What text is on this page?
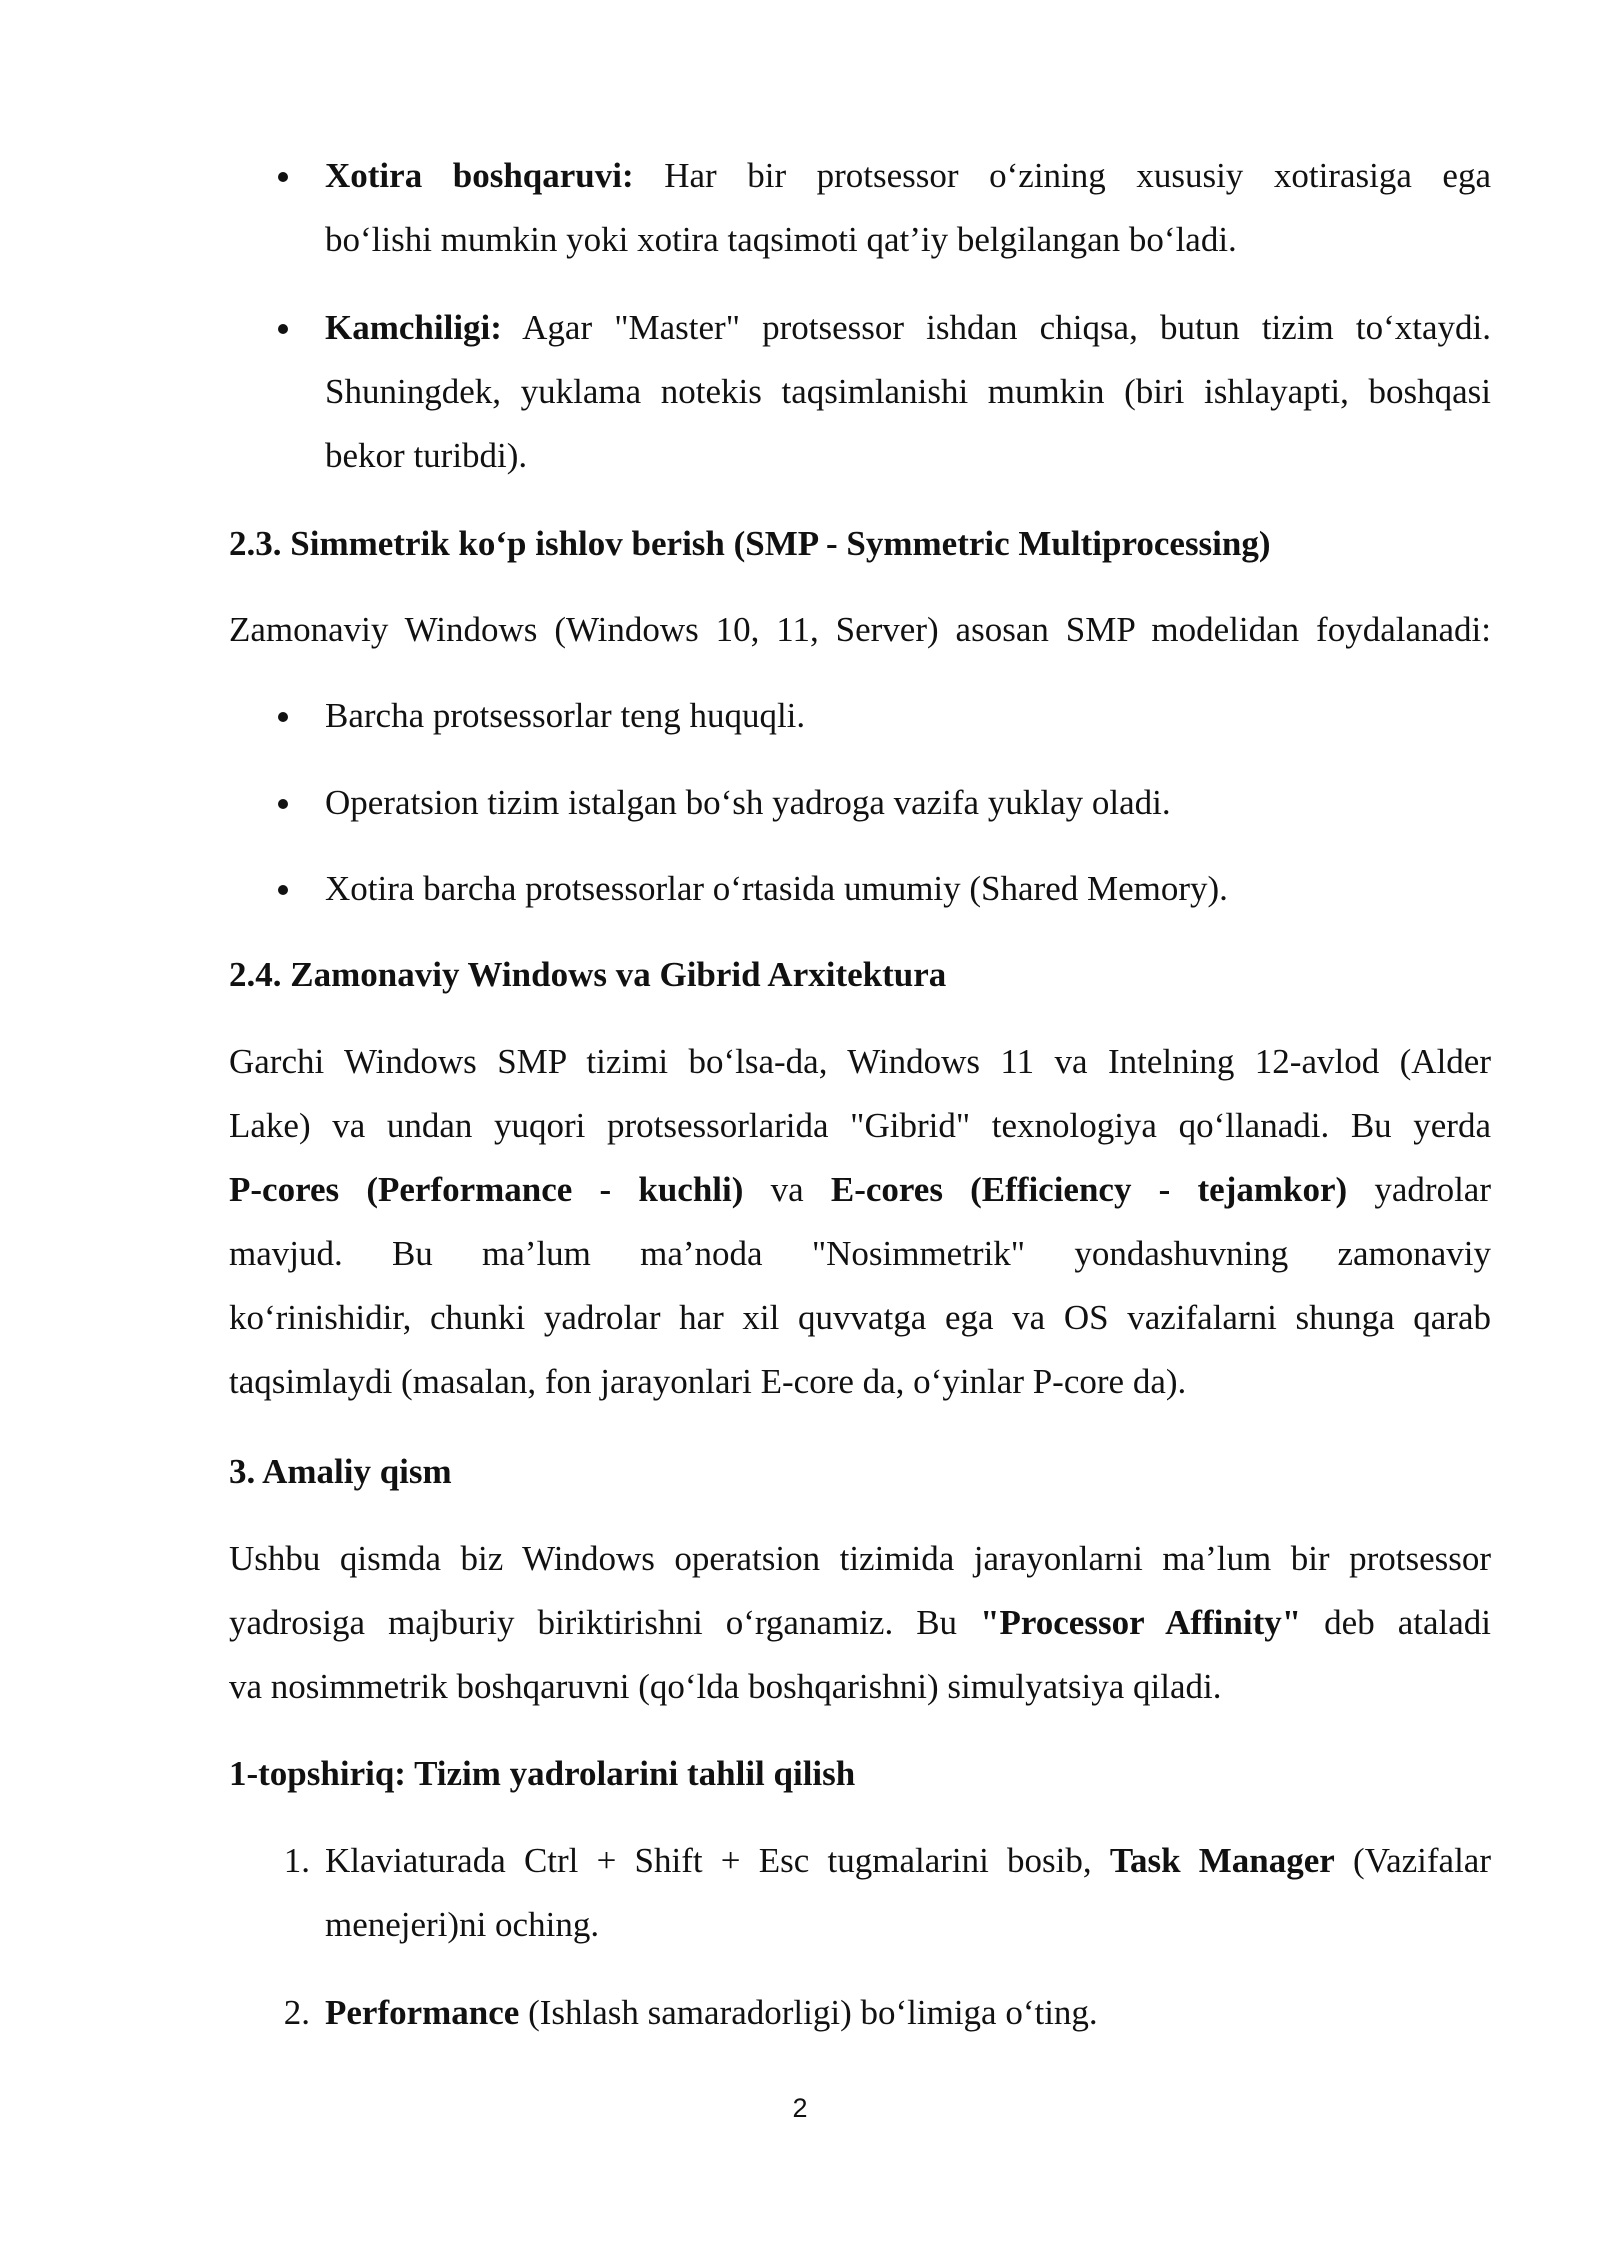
Xotira boshqaruvi: Har bir protsessor o‘zining xususiy xotirasiga ega
bo‘lishi mumkin yoki xotira taqsimoti qat’iy belgilangan bo‘ladi.
Kamchiligi: Agar "Master" protsessor ishdan chiqsa, butun tizim to‘xtaydi.
Shuningdek, yuklama notekis taqsimlanishi mumkin (biri ishlayapti, boshqasi
bekor turibdi).
2.3. Simmetrik ko‘p ishlov berish (SMP - Symmetric Multiprocessing)
Zamonaviy Windows (Windows 10, 11, Server) asosan SMP modelidan foydalanadi:
Barcha protsessorlar teng huquqli.
Operatsion tizim istalgan bo‘sh yadroga vazifa yuklay oladi.
Xotira barcha protsessorlar o‘rtasida umumiy (Shared Memory).
2.4. Zamonaviy Windows va Gibrid Arxitektura
Garchi Windows SMP tizimi bo‘lsa-da, Windows 11 va Intelning 12-avlod (Alder
Lake) va undan yuqori protsessorlarida "Gibrid" texnologiya qo‘llanadi. Bu yerda
P-cores (Performance - kuchli) va E-cores (Efficiency - tejamkor) yadrolar
mavjud. Bu ma’lum ma’noda "Nosimmetrik" yondashuvning zamonaviy
ko‘rinishidir, chunki yadrolar har xil quvvatga ega va OS vazifalarni shunga qarab
taqsimlaydi (masalan, fon jarayonlari E-core da, o‘yinlar P-core da).
3. Amaliy qism
Ushbu qismda biz Windows operatsion tizimida jarayonlarni ma’lum bir protsessor
yadrosiga majburiy biriktirishni o‘rganamiz. Bu "Processor Affinity" deb ataladi
va nosimmetrik boshqaruvni (qo‘lda boshqarishni) simulyatsiya qiladi.
1-topshiriq: Tizim yadrolarini tahlil qilish
1. Klaviaturada Ctrl + Shift + Esc tugmalarini bosib, Task Manager (Vazifalar
menejeri)ni oching.
2. Performance (Ishlash samaradorligi) bo‘limiga o‘ting.
2
